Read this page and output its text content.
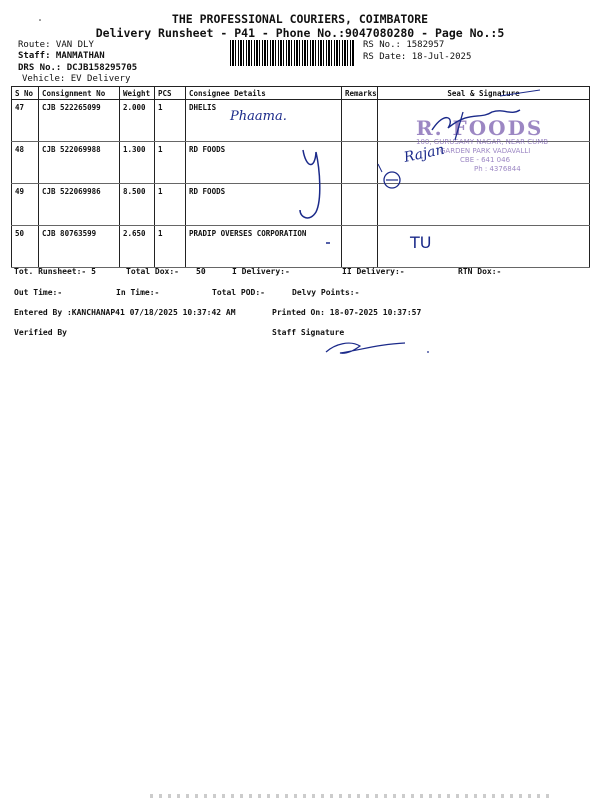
THE PROFESSIONAL COURIERS, COIMBATORE
Delivery Runsheet - P41 - Phone No.:9047080280 - Page No.:5
Route: VAN DLY
Staff: MANMATHAN
DRS No.: DCJB158295705
Vehicle: EV Delivery
RS No.: 1582957
RS Date: 18-Jul-2025
S No	Consignment No	Weight	PCS	Consignee Details	Remarks	Seal & Signature
47	CJB 522265099	2.000	1	DHELIS		
48	CJB 522069988	1.300	1	RD FOODS		
49	CJB 522069986	8.500	1	RD FOODS		
50	CJB 80763599	2.650	1	PRADIP OVERSES CORPORATION		
R. FOODS
100, GURUSAMY NAGAR, NEAR CUMB
GARDEN PARK VADAVALLI
CBE - 641 046
Ph : 4376844
Phaama.
TU
Rajan
Tot. Runsheet:- 5	Total Dox:- 50	I Delivery:-	II Delivery:-	RTN Dox:-
Out Time:-	In Time:-	Total POD:-	Delvy Points:-
Entered By :KANCHANAP41 07/18/2025 10:37:42 AM	Printed On: 18-07-2025 10:37:57
Verified By	Staff Signature
